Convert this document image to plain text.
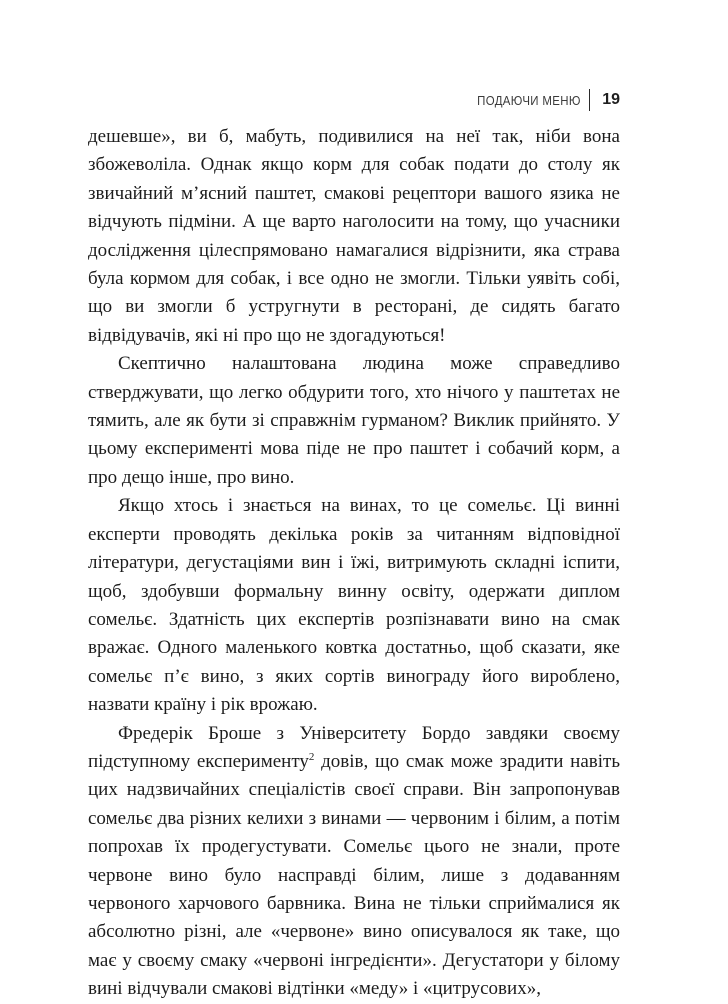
ПОДАЮЧИ МЕНЮ 19

дешевше», ви б, мабуть, подивилися на неї так, ніби вона збожеволіла. Однак якщо корм для собак подати до столу як звичайний м’ясний паштет, смакові рецептори вашого язика не відчують підміни. А ще варто наголосити на тому, що учасники дослідження цілеспрямовано намагалися відрізнити, яка страва була кормом для собак, і все одно не змогли. Тільки уявіть собі, що ви змогли б устругнути в ресторані, де сидять багато відвідувачів, які ні про що не здогадуються!

Скептично налаштована людина може справедливо стверджувати, що легко обдурити того, хто нічого у паштетах не тямить, але як бути зі справжнім гурманом? Виклик прийнято. У цьому експерименті мова піде не про паштет і собачий корм, а про дещо інше, про вино.

Якщо хтось і знається на винах, то це сомельє. Ці винні експерти проводять декілька років за читанням відповідної літератури, дегустаціями вин і їжі, витримують складні іспити, щоб, здобувши формальну винну освіту, одержати диплом сомельє. Здатність цих експертів розпізнавати вино на смак вражає. Одного маленького ковтка достатньо, щоб сказати, яке сомельє п’є вино, з яких сортів винограду його вироблено, назвати країну і рік врожаю.

Фредерік Броше з Університету Бордо завдяки своєму підступному експерименту$^2$ довів, що смак може зрадити навіть цих надзвичайних спеціалістів своєї справи. Він запропонував сомельє два різних келихи з винами — червоним і білим, а потім попрохав їх продегустувати. Сомельє цього не знали, проте червоне вино було насправді білим, лише з додаванням червоного харчового барвника. Вина не тільки сприймалися як абсолютно різні, але «червоне» вино описувалося як таке, що має у своєму смаку «червоні інгредієнти». Дегустатори у білому вині відчували смакові відтінки «меду» і «цитрусових»,
